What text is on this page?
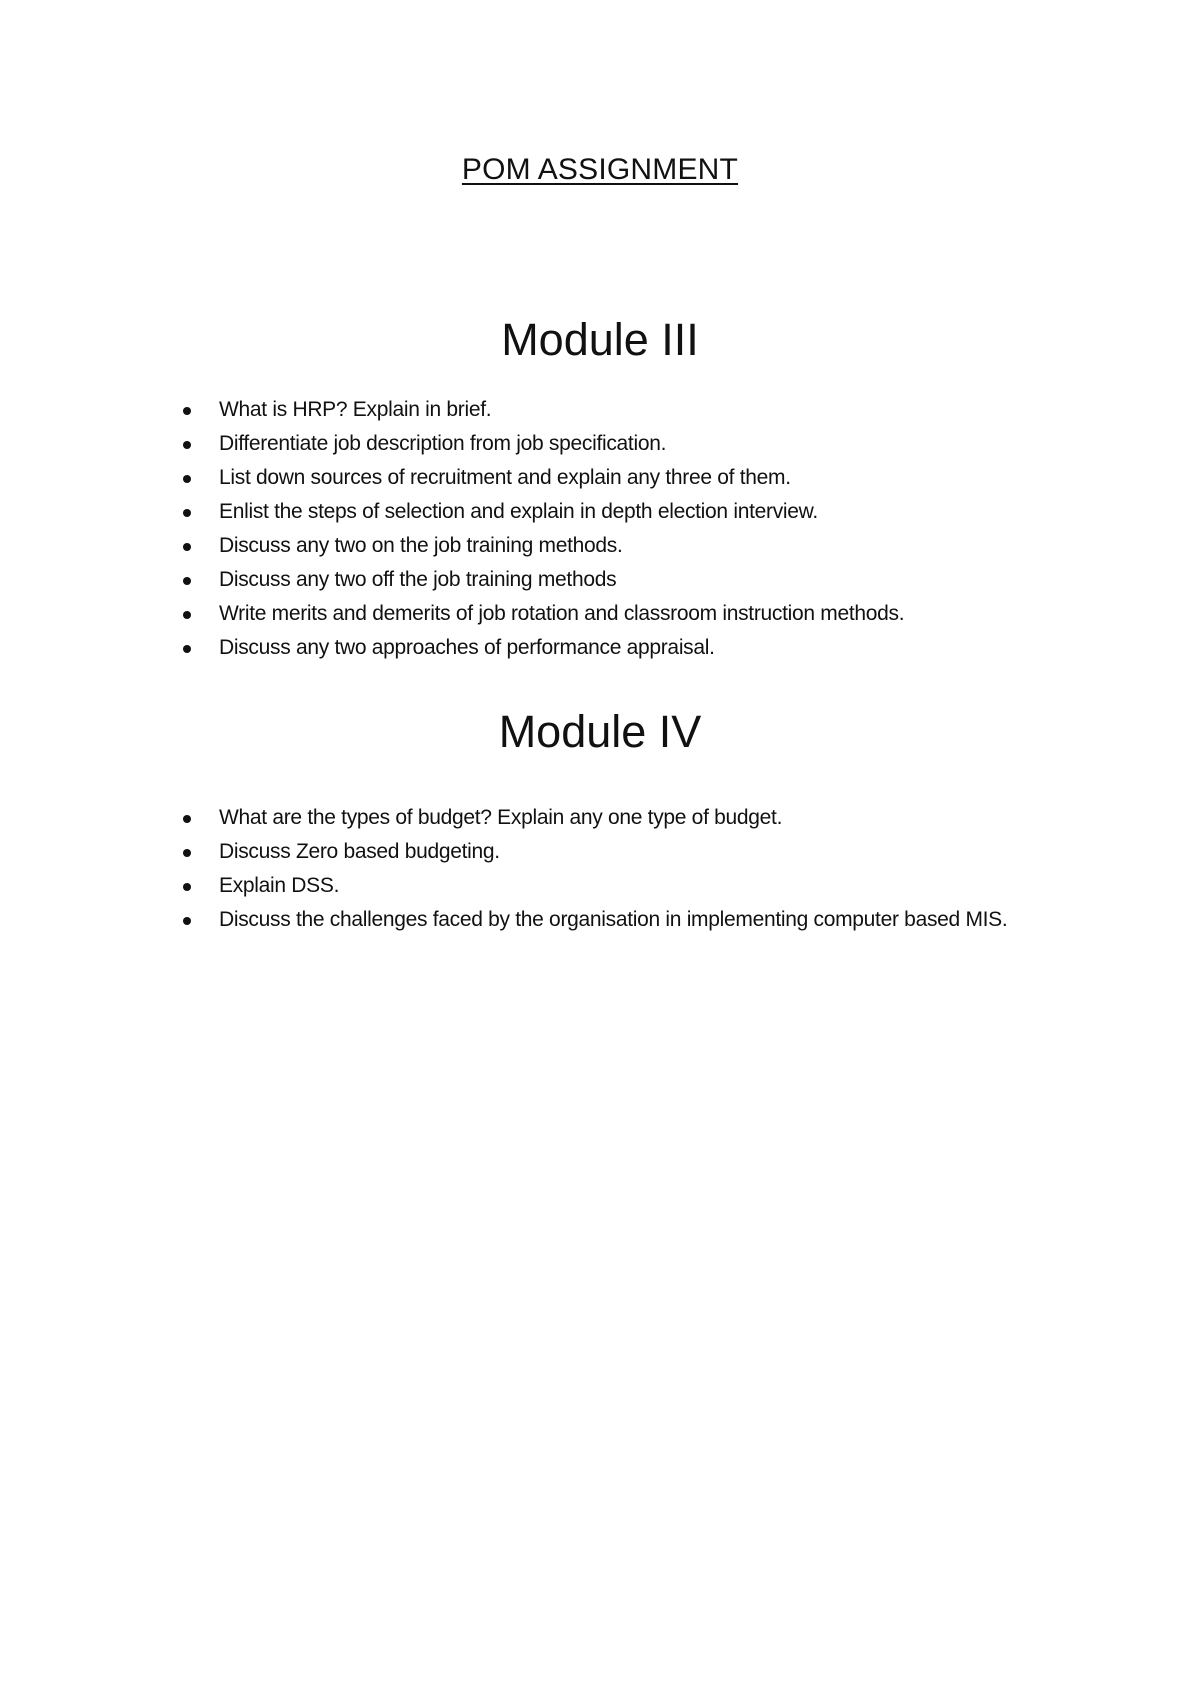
POM ASSIGNMENT
Module III
What is HRP? Explain in brief.
Differentiate job description from job specification.
List down sources of recruitment and explain any three of them.
Enlist the steps of selection and explain in depth election interview.
Discuss any two on the job training methods.
Discuss any two off the job training methods
Write merits and demerits of job rotation and classroom instruction methods.
Discuss any two approaches of performance appraisal.
Module IV
What are the types of budget? Explain any one type of budget.
Discuss Zero based budgeting.
Explain DSS.
Discuss the challenges faced by the organisation in implementing computer based MIS.
